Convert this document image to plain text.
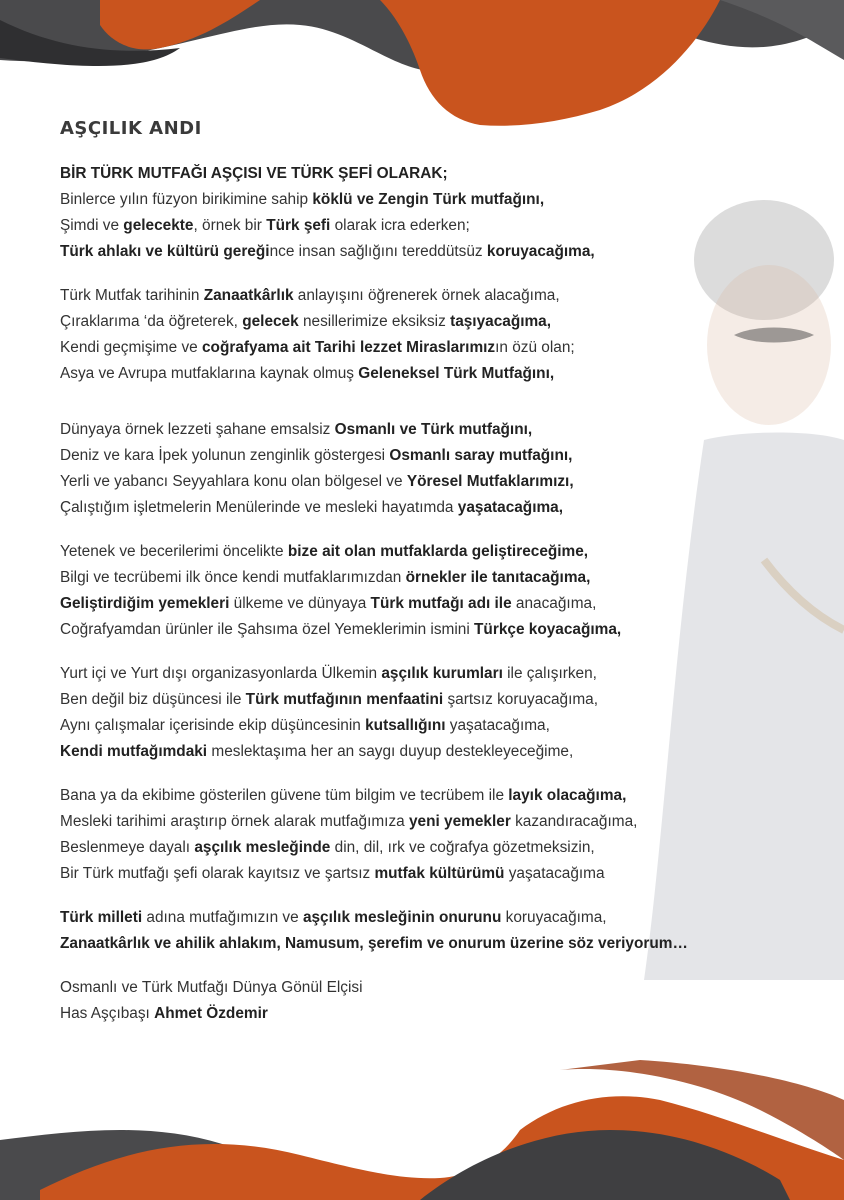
AŞÇILIK ANDI
BİR TÜRK MUTFAĞI AŞÇISI VE TÜRK ŞEFİ OLARAK;
Binlerce yılın füzyon birikimine sahip köklü ve Zengin Türk mutfağını,
Şimdi ve gelecekte, örnek bir Türk şefi olarak icra ederken;
Türk ahlakı ve kültürü gereğince insan sağlığını tereddütsüz koruyacağıma,
Türk Mutfak tarihinin Zanaatkârlık anlayışını öğrenerek örnek alacağıma,
Çıraklarıma ‘da öğreterek, gelecek nesillerimize eksiksiz taşıyacağıma,
Kendi geçmişime ve coğrafyama ait Tarihi lezzet Miraslarımızın özü olan;
Asya ve Avrupa mutfaklarına kaynak olmuş Geleneksel Türk Mutfağını,
Dünyaya örnek lezzeti şahane emsalsiz Osmanlı ve Türk mutfağını,
Deniz ve kara İpek yolunun zenginlik göstergesi Osmanlı saray mutfağını,
Yerli ve yabancı Seyyahlara konu olan bölgesel ve Yöresel Mutfaklarımızı,
Çalıştığım işletmelerin Menülerinde ve mesleki hayatımda yaşatacağıma,
Yetenek ve becerilerimi öncelikte bize ait olan mutfaklarda geliştireceğime,
Bilgi ve tecrübemi ilk önce kendi mutfaklarımızdan örnekler ile tanıtacağıma,
Geliştirdiğim yemekleri ülkeme ve dünyaya Türk mutfağı adı ile anacağıma,
Coğrafyamdan ürünler ile Şahsıma özel Yemeklerimin ismini Türkçe koyacağıma,
Yurt içi ve Yurt dışı organizasyonlarda Ülkemin aşçılık kurumları ile çalışırken,
Ben değil biz düşüncesi ile Türk mutfağının menfaatini şartsız koruyacağıma,
Aynı çalışmalar içerisinde ekip düşüncesinin kutsallığını yaşatacağıma,
Kendi mutfağımdaki meslektaşıma her an saygı duyup destekleyeceğime,
Bana ya da ekibime gösterilen güvene tüm bilgim ve tecrübem ile layık olacağıma,
Mesleki tarihimi araştırıp örnek alarak mutfağımıza yeni yemekler kazandıracağıma,
Beslenmeye dayalı aşçılık mesleğinde din, dil, ırk ve coğrafya gözetmeksizin,
Bir Türk mutfağı şefi olarak kayıtsız ve şartsız mutfak kültürümü yaşatacağıma
Türk milleti adına mutfağımızın ve aşçılık mesleğinin onurunu koruyacağıma,
Zanaatkârlık ve ahilik ahlakım, Namusum, şerefim ve onurum üzerine söz veriyorum…
Osmanlı ve Türk Mutfağı Dünya Gönül Elçisi
Has Aşçıbaşı Ahmet Özdemir
